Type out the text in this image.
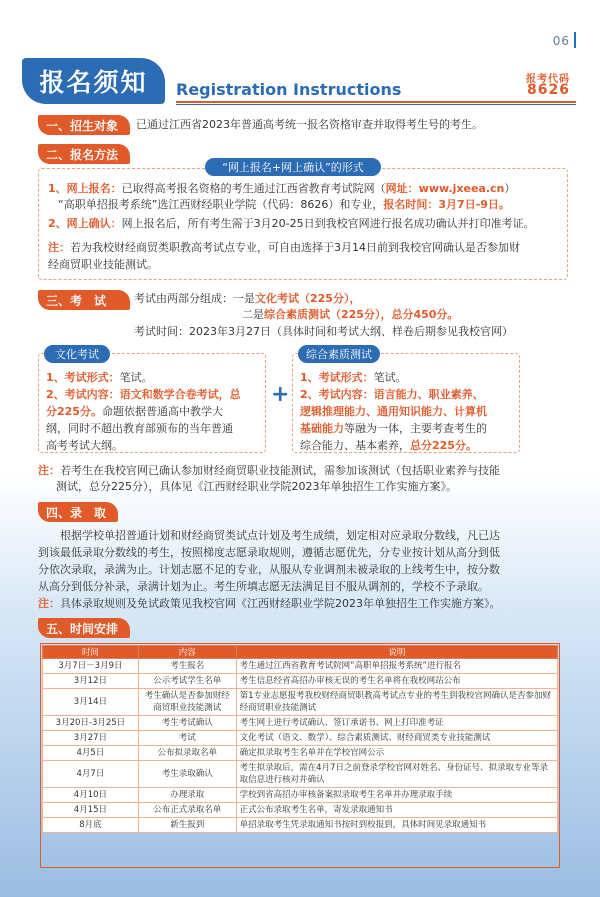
06
报名须知	Registration Instructions
报考代码
8626
一、招生对象	已通过江西省2023年普通高考统一报名资格审查并取得考生号的考生。
二、报名方法
“网上报名+网上确认”的形式
1、网上报名：已取得高考报名资格的考生通过江西省教育考试院网（网址：www.jxeea.cn）
“高职单招报考系统”选江西财经职业学院（代码：8626）和专业，报名时间：3月7日-9日。
2、网上确认：网上报名后，所有考生需于3月20-25日到我校官网进行报名成功确认并打印准考证。
注：若为我校财经商贸类职教高考试点专业，可自由选择于3月14日前到我校官网确认是否参加财
经商贸职业技能测试。
三、考　试	考试由两部分组成：一是文化考试（225分），
二是综合素质测试（225分），总分450分。
考试时间：2023年3月27日（具体时间和考试大纲、样卷后期参见我校官网）
文化考试
1、考试形式：笔试。
2、考试内容：语文和数学合卷考试，总
分225分。命题依据普通高中教学大
纲，同时不超出教育部颁布的当年普通
高考考试大纲。
+
综合素质测试
1、考试形式：笔试。
2、考试内容：语言能力、职业素养、
逻辑推理能力、通用知识能力、计算机
基础能力等融为一体，主要考查考生的
综合能力、基本素养，总分225分。
注：若考生在我校官网已确认参加财经商贸职业技能测试，需参加该测试（包括职业素养与技能
测试，总分225分），具体见《江西财经职业学院2023年单独招生工作实施方案》。
四、录　取
　　根据学校单招普通计划和财经商贸类试点计划及考生成绩，划定相对应录取分数线，凡已达
到该最低录取分数线的考生，按照梯度志愿录取规则，遵循志愿优先，分专业按计划从高分到低
分依次录取，录满为止。计划志愿不足的专业，从服从专业调剂未被录取的上线考生中，按分数
从高分到低分补录，录满计划为止。考生所填志愿无法满足目不服从调剂的，学校不予录取。
注：具体录取规则及免试政策见我校官网《江西财经职业学院2023年单独招生工作实施方案》。
五、时间安排
时间	内容	说明
3月7日－3月9日	考生报名	考生通过江西省教育考试院网“高职单招报考系统”进行报名
3月12日	公示考试学生名单	考生信息经省高招办审核无误的考生名单将在我校网站公布
3月14日	考生确认是否参加财经商贸职业技能测试	第1专业志愿报考我校财经商贸职教高考试点专业的考生到我校官网确认是否参加财经商贸职业技能测试
3月20日-3月25日	考生考试确认	考生网上进行考试确认、签订承诺书、网上打印准考证
3月27日	考试	文化考试（语文、数学）、综合素质测试、财经商贸类专业技能测试
4月5日	公布拟录取名单	确定拟录取考生名单并在学校官网公示
4月7日	考生录取确认	考生拟录取后，需在4月7日之前登录学校官网对姓名、身份证号、拟录取专业等录取信息进行核对并确认
4月10日	办理录取	学校到省高招办审核备案拟录取考生名单并办理录取手续
4月15日	公布正式录取名单	正式公布录取考生名单，寄发录取通知书
8月底	新生报到	单招录取考生凭录取通知书按时到校报到，具体时间见录取通知书
